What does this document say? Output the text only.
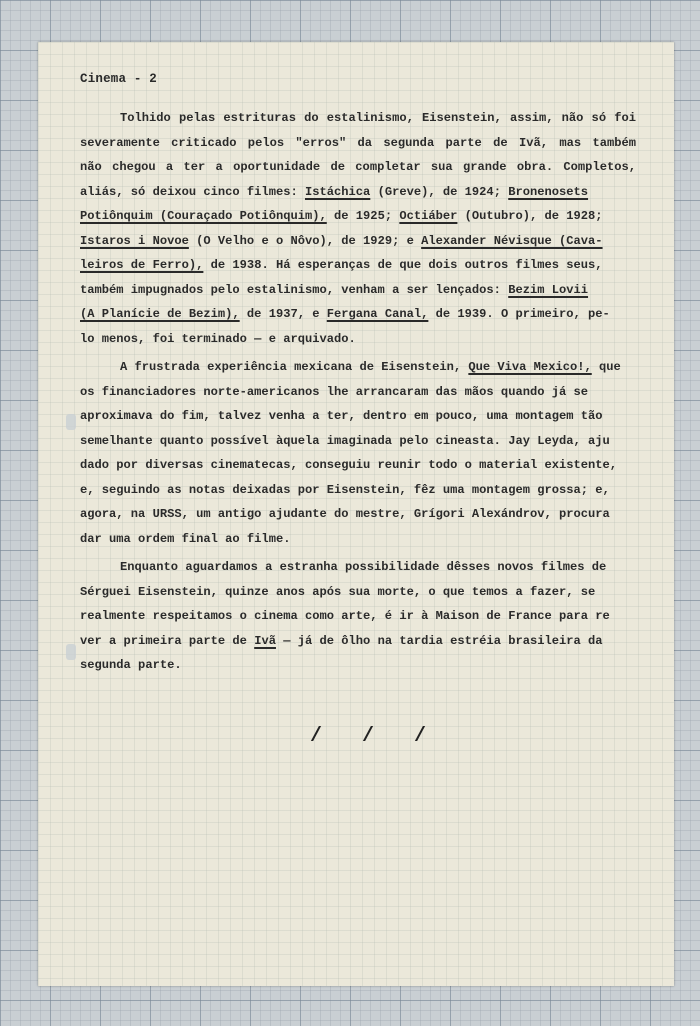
Cinema - 2
Tolhido pelas estrituras do estalinismo, Eisenstein, assim, não só foi
severamente criticado pelos "erros" da segunda parte de Ivã, mas também
não chegou a ter a oportunidade de completar sua grande obra. Completos,
aliás, só deixou cinco filmes: Istáchica (Greve), de 1924; Bronenosets
Potiônquim (Couraçado Potiônquim), de 1925; Octiáber (Outubro), de 1928;
Istaros i Novoe (O Velho e o Nôvo), de 1929; e Alexander Névisque (Cava-
leiros de Ferro), de 1938. Há esperanças de que dois outros filmes seus,
também impugnados pelo estalinismo, venham a ser lençados: Bezim Lovii
(A Planície de Bezim), de 1937, e Fergana Canal, de 1939. O primeiro, pe-
lo menos, foi terminado — e arquivado.
A frustrada experiência mexicana de Eisenstein, Que Viva Mexico!, que
os financiadores norte-americanos lhe arrancaram das mãos quando já se
aproximava do fim, talvez venha a ter, dentro em pouco, uma montagem tão
semelhante quanto possível àquela imaginada pelo cineasta. Jay Leyda, aju
dado por diversas cinematecas, conseguiu reunir todo o material existente,
e, seguindo as notas deixadas por Eisenstein, fêz uma montagem grossa; e,
agora, na URSS, um antigo ajudante do mestre, Grígori Alexándrov, procura
dar uma ordem final ao filme.
Enquanto aguardamos a estranha possibilidade dêsses novos filmes de
Sérguei Eisenstein, quinze anos após sua morte, o que temos a fazer, se
realmente respeitamos o cinema como arte, é ir à Maison de France para re
ver a primeira parte de Ivã — já de ôlho na tardia estréia brasileira da
segunda parte.
/ / /
